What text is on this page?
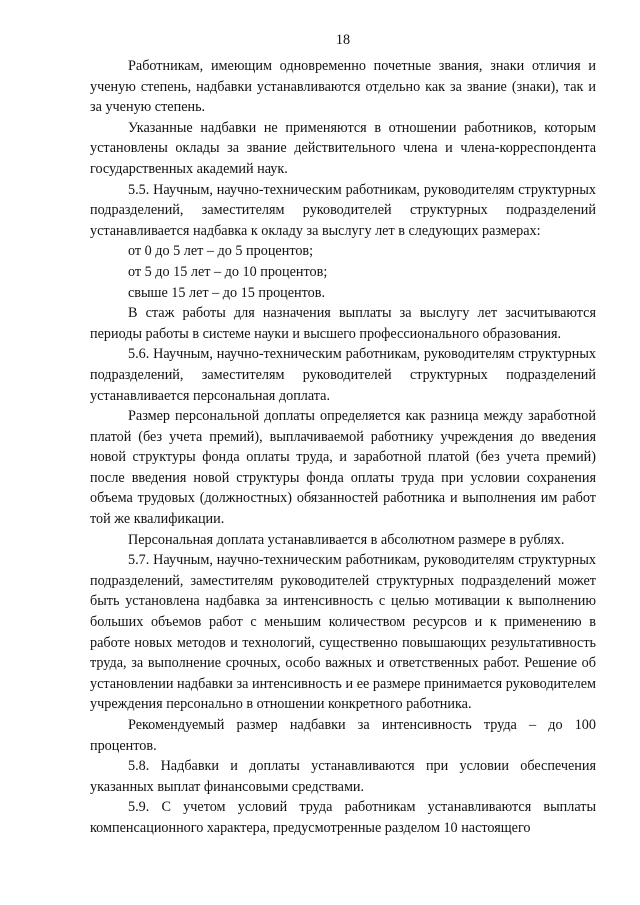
18

Работникам, имеющим одновременно почетные звания, знаки отличия и ученую степень, надбавки устанавливаются отдельно как за звание (знаки), так и за ученую степень.

Указанные надбавки не применяются в отношении работников, которым установлены оклады за звание действительного члена и члена-корреспондента государственных академий наук.

5.5. Научным, научно-техническим работникам, руководителям структурных подразделений, заместителям руководителей структурных подразделений устанавливается надбавка к окладу за выслугу лет в следующих размерах:

от 0 до 5 лет – до 5 процентов;

от 5 до 15 лет – до 10 процентов;

свыше 15 лет – до 15 процентов.

В стаж работы для назначения выплаты за выслугу лет засчитываются периоды работы в системе науки и высшего профессионального образования.

5.6. Научным, научно-техническим работникам, руководителям структурных подразделений, заместителям руководителей структурных подразделений устанавливается персональная доплата.

Размер персональной доплаты определяется как разница между заработной платой (без учета премий), выплачиваемой работнику учреждения до введения новой структуры фонда оплаты труда, и заработной платой (без учета премий) после введения новой структуры фонда оплаты труда при условии сохранения объема трудовых (должностных) обязанностей работника и выполнения им работ той же квалификации.

Персональная доплата устанавливается в абсолютном размере в рублях.

5.7. Научным, научно-техническим работникам, руководителям структурных подразделений, заместителям руководителей структурных подразделений может быть установлена надбавка за интенсивность с целью мотивации к выполнению больших объемов работ с меньшим количеством ресурсов и к применению в работе новых методов и технологий, существенно повышающих результативность труда, за выполнение срочных, особо важных и ответственных работ. Решение об установлении надбавки за интенсивность и ее размере принимается руководителем учреждения персонально в отношении конкретного работника.

Рекомендуемый размер надбавки за интенсивность труда – до 100 процентов.

5.8. Надбавки и доплаты устанавливаются при условии обеспечения указанных выплат финансовыми средствами.

5.9. С учетом условий труда работникам устанавливаются выплаты компенсационного характера, предусмотренные разделом 10 настоящего
